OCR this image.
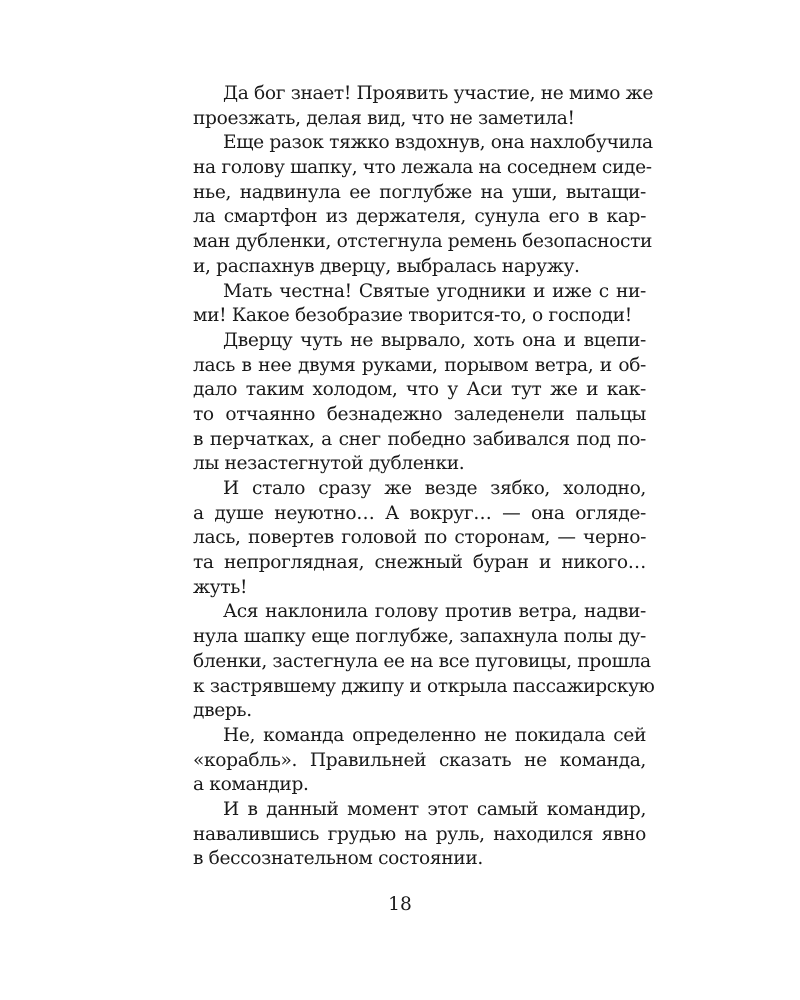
Да бог знает! Проявить участие, не мимо же
проезжать, делая вид, что не заметила!
Еще разок тяжко вздохнув, она нахлобучила
на голову шапку, что лежала на соседнем сиде-
нье, надвинула ее поглубже на уши, вытащи-
ла смартфон из держателя, сунула его в кар-
ман дубленки, отстегнула ремень безопасности
и, распахнув дверцу, выбралась наружу.
Мать честна! Святые угодники и иже с ни-
ми! Какое безобразие творится-то, о господи!
Дверцу чуть не вырвало, хоть она и вцепи-
лась в нее двумя руками, порывом ветра, и об-
дало таким холодом, что у Аси тут же и как-
то отчаянно безнадежно заледенели пальцы
в перчатках, а снег победно забивался под по-
лы незастегнутой дубленки.
И стало сразу же везде зябко, холодно,
а душе неуютно… А вокруг… — она огляде-
лась, повертев головой по сторонам, — черно-
та непроглядная, снежный буран и никого…
жуть!
Ася наклонила голову против ветра, надви-
нула шапку еще поглубже, запахнула полы ду-
бленки, застегнула ее на все пуговицы, прошла
к застрявшему джипу и открыла пассажирскую
дверь.
Не, команда определенно не покидала сей
«корабль». Правильней сказать не команда,
а командир.
И в данный момент этот самый командир,
навалившись грудью на руль, находился явно
в бессознательном состоянии.
18
